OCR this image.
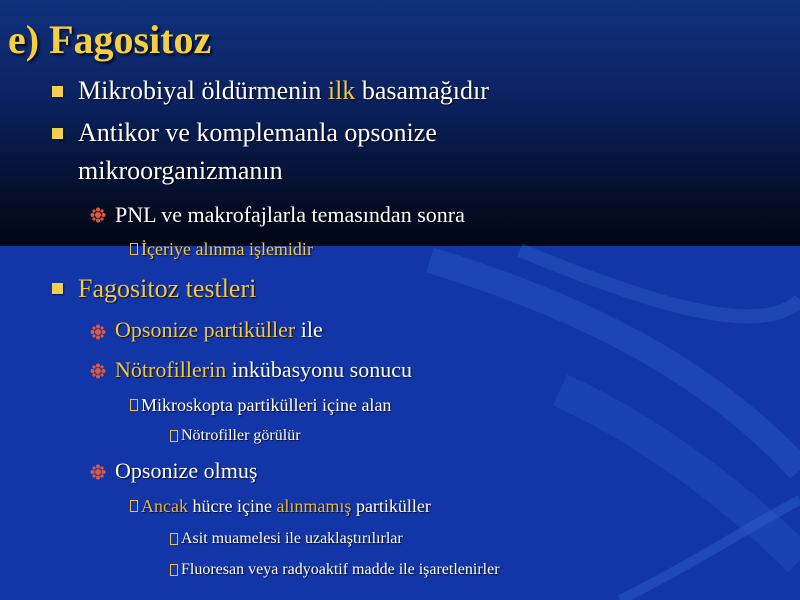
e) Fagositoz
Mikrobiyal öldürmenin ilk basamağıdır
Antikor ve komplemanla opsonize
mikroorganizmanın
PNL ve makrofajlarla temasından sonra
İçeriye alınma işlemidir
Fagositoz testleri
Opsonize partiküller ile
Nötrofillerin inkübasyonu sonucu
Mikroskopta partikülleri içine alan
Nötrofiller görülür
Opsonize olmuş
Ancak hücre içine alınmamış partiküller
Asit muamelesi ile uzaklaştırılırlar
Fluoresan veya radyoaktif madde ile işaretlenirler
